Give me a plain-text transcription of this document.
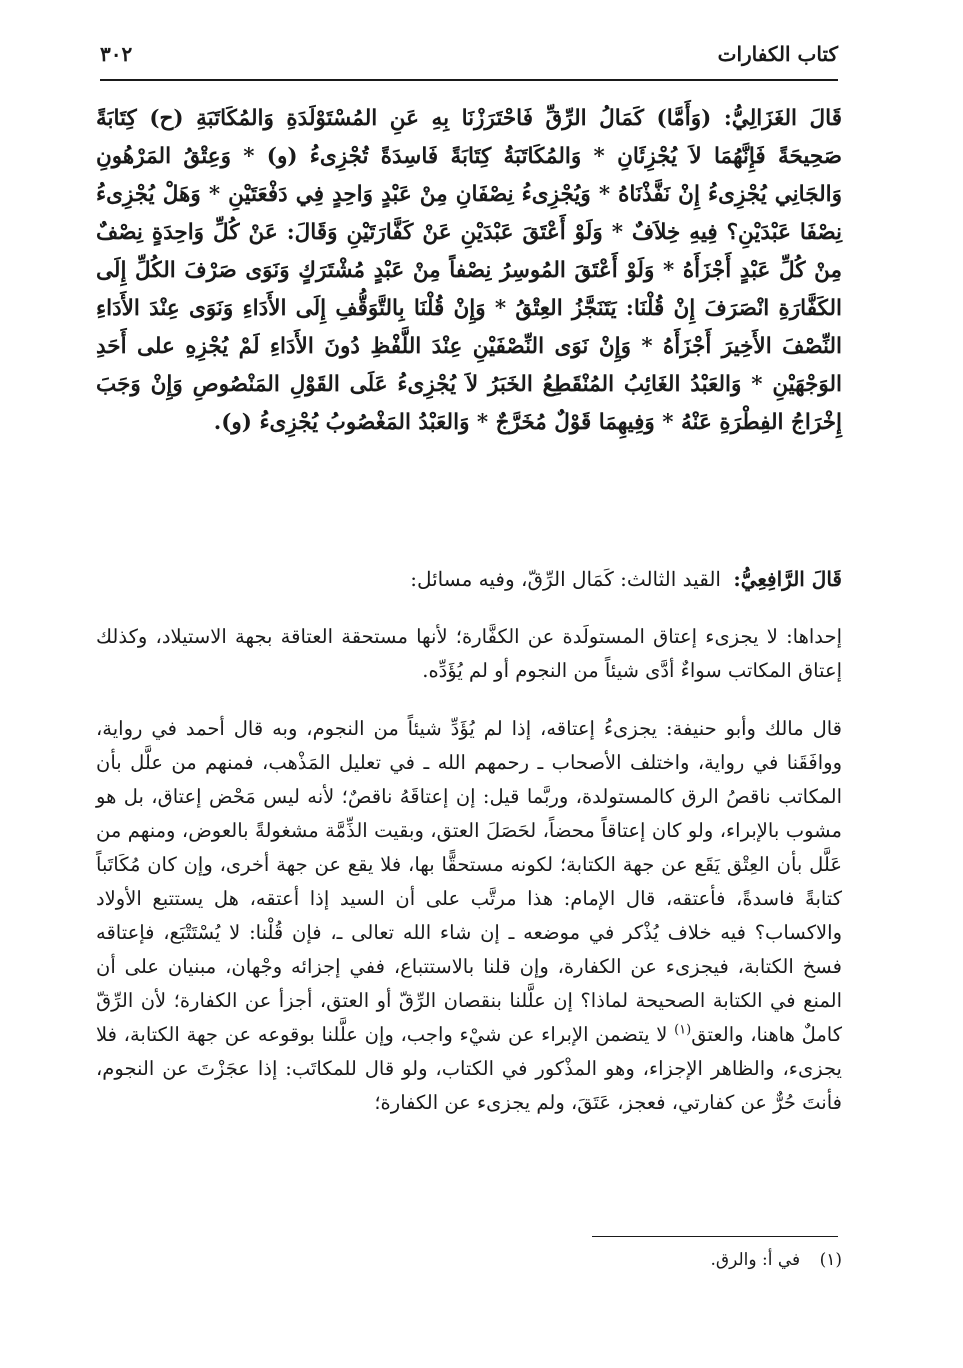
كتاب الكفارات
٣٠٢
قَالَ الغَزَالِيُّ: (وَأَمَّا) كَمَالُ الرِّقِّ فَاحْتَرَزْنَا بِهِ عَنِ المُسْتَوْلَدَةِ وَالمُكَاتَبَةِ (ح) كِتَابَةً صَحِيحَةً فَإِنَّهُمَا لاَ يُجْزِئَانِ * وَالمُكَاتَبَةُ كِتَابَةً فَاسِدَةً تُجْزِىءُ (و) * وَعِتْقُ المَرْهُونِ وَالجَانِي يُجْزِىءُ إِنْ نَفَّذْنَاهُ * وَيُجْزِىءُ نِصْفَانِ مِنْ عَبْدٍ وَاحِدٍ فِي دَفْعَتَيْنِ * وَهَلْ يُجْزِىءُ نِصْفَا عَبْدَيْنِ؟ فِيهِ خِلاَفٌ * وَلَوْ أَعْتَقَ عَبْدَيْنِ عَنْ كَفَّارَتَيْنِ وَقَالَ: عَنْ كُلِّ وَاحِدَةٍ نِصْفٌ مِنْ كُلِّ عَبْدٍ أَجْزَأَهُ * وَلَوْ أَعْتَقَ المُوسِرُ نِصْفاً مِنْ عَبْدٍ مُشْتَرَكٍ وَنَوَى صَرْفَ الكُلِّ إِلَى الكَفَّارَةِ انْصَرَفَ إِنْ قُلْنَا: يَتَنَجَّزُ العِتْقُ * وَإِنْ قُلْنَا بِالتَّوَقُّفِ إِلَى الأَدَاءِ وَنَوَى عِنْدَ الأَدَاءِ النِّصْفَ الأَخِيرَ أَجْزَأَهُ * وَإِنْ نَوَى النِّصْفَيْنِ عِنْدَ اللَّفْظِ دُونَ الأَدَاءِ لَمْ يُجْزِهِ على أَحَدِ الوَجْهَيْنِ * وَالعَبْدُ الغَائِبُ المُنْقَطِعُ الخَبَرُ لاَ يُجْزِىءُ عَلَى القَوْلِ المَنْصُوصِ وَإِنْ وَجَبَ إِخْرَاجُ الفِطْرَةِ عَنْهُ * وَفِيهِمَا قَوْلٌ مُخَرَّجٌ * وَالعَبْدُ المَغْصُوبُ يُجْزِىءُ (و).
قَالَ الرَّافِعِيُّ: القيد الثالث: كَمَال الرِّقّ، وفيه مسائل:
إحداها: لا يجزىء إعتاق المستولَدة عن الكفَّارة؛ لأنها مستحقة العتاقة بجهة الاستيلاد، وكذلك إعتاق المكاتب سواءٌ أدَّى شيئاً من النجوم أو لم يُؤَدِّه.
قال مالك وأبو حنيفة: يجزىءُ إعتاقه، إذا لم يُؤَدِّ شيئاً من النجوم، وبه قال أحمد في رواية، ووافَقَنا في رواية، واختلف الأصحاب ـ رحمهم الله ـ في تعليل المَذْهب، فمنهم من علَّل بأن المكاتب ناقصُ الرق كالمستولدة، وربَّما قيل: إن إعتاقَهُ ناقصٌ؛ لأنه ليس مَحْض إعتاق، بل هو مشوب بالإبراء، ولو كان إعتاقاً محضاً، لحَصَلَ العتق، وبقيت الذِّمَّة مشغولةً بالعوض، ومنهم من عَلَّل بأن العِتْق يَقَع عن جهة الكتابة؛ لكونه مستحقًّا بها، فلا يقع عن جهة أخرى، وإن كان مُكَاتَباً كتابةً فاسدةً، فأعتقه، قال الإمام: هذا مرتَّب على أن السيد إذا أعتقه، هل يستتبع الأولاد والاكساب؟ فيه خلاف يُذْكر في موضعه ـ إن شاء الله تعالى ـ، فإن قُلْنا: لا يُسْتَتْبَع، فإعتاقه فسخ الكتابة، فيجزىء عن الكفارة، وإن قلنا بالاستتباع، ففي إجزائه وجْهان، مبنيان على أن المنع في الكتابة الصحيحة لماذا؟ إن علَّلنا بنقصان الرِّقّ أو العتق، أجزأ عن الكفارة؛ لأن الرِّقّ كاملٌ هاهنا، والعتق$^{(١)}$ لا يتضمن الإبراء عن شيْء واجب، وإن علَّلنا بوقوعه عن جهة الكتابة، فلا يجزىء، والظاهر الإجزاء، وهو المذْكور في الكتاب، ولو قال للمكاتَب: إذا عجَزْتَ عن النجوم، فأنتَ حُرٌّ عن كفارتي، فعجز، عَتَقَ، ولم يجزىء عن الكفارة؛
(١) في أ: والرق.
